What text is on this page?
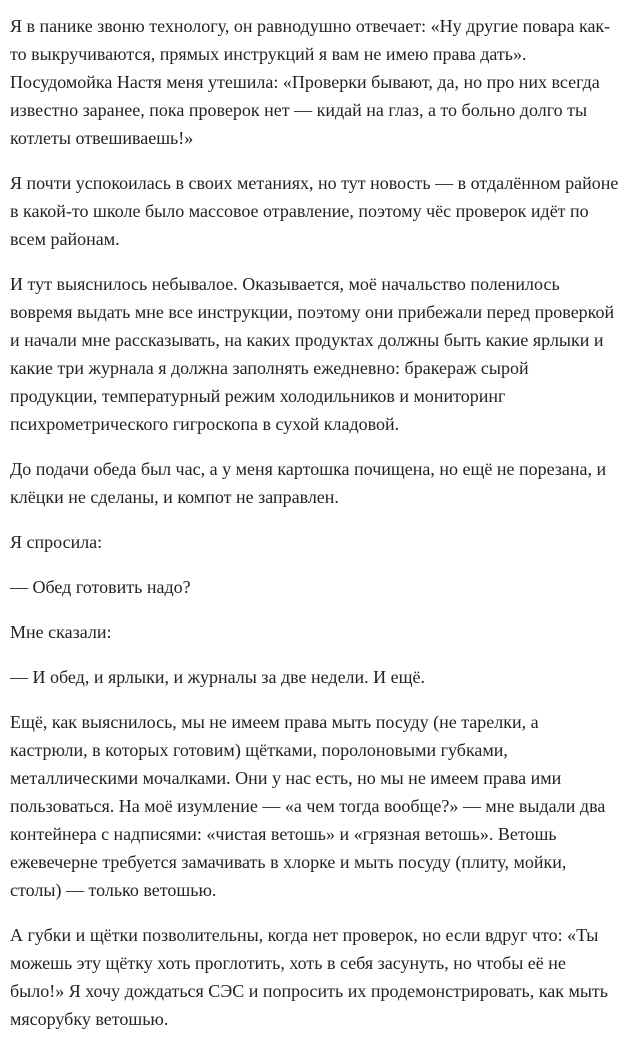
Я в панике звоню технологу, он равнодушно отвечает: «Ну другие повара как-то выкручиваются, прямых инструкций я вам не имею права дать». Посудомойка Настя меня утешила: «Проверки бывают, да, но про них всегда известно заранее, пока проверок нет — кидай на глаз, а то больно долго ты котлеты отвешиваешь!»

Я почти успокоилась в своих метаниях, но тут новость — в отдалённом районе в какой-то школе было массовое отравление, поэтому чёс проверок идёт по всем районам.

И тут выяснилось небывалое. Оказывается, моё начальство поленилось вовремя выдать мне все инструкции, поэтому они прибежали перед проверкой и начали мне рассказывать, на каких продуктах должны быть какие ярлыки и какие три журнала я должна заполнять ежедневно: бракераж сырой продукции, температурный режим холодильников и мониторинг психрометрического гигроскопа в сухой кладовой.

До подачи обеда был час, а у меня картошка почищена, но ещё не порезана, и клёцки не сделаны, и компот не заправлен.

Я спросила:

— Обед готовить надо?

Мне сказали:

— И обед, и ярлыки, и журналы за две недели. И ещё.

Ещё, как выяснилось, мы не имеем права мыть посуду (не тарелки, а кастрюли, в которых готовим) щётками, поролоновыми губками, металлическими мочалками. Они у нас есть, но мы не имеем права ими пользоваться. На моё изумление — «а чем тогда вообще?» — мне выдали два контейнера с надписями: «чистая ветошь» и «грязная ветошь». Ветошь ежевечерне требуется замачивать в хлорке и мыть посуду (плиту, мойки, столы) — только ветошью.

А губки и щётки позволительны, когда нет проверок, но если вдруг что: «Ты можешь эту щётку хоть проглотить, хоть в себя засунуть, но чтобы её не было!» Я хочу дождаться СЭС и попросить их продемонстрировать, как мыть мясорубку ветошью.
